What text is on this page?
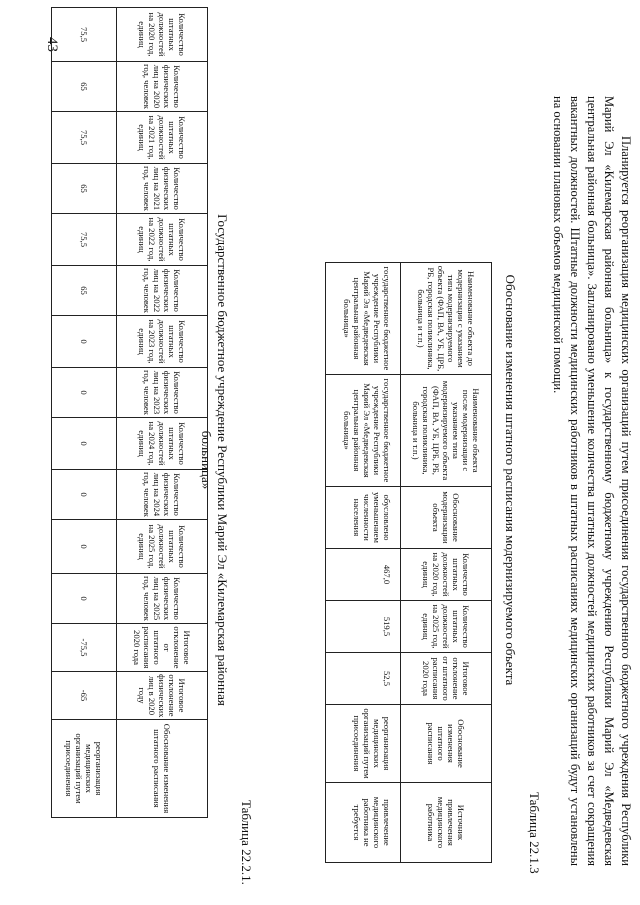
43

Планируется реорганизация медицинских организаций путем присоединения государственного бюджетного учреждения Республики Марий Эл «Килемарская районная больница» к государственному бюджетному учреждению Республики Марий Эл «Медведевская центральная районная больница». Запланировано уменьшение количества штатных должностей медицинских работников за счет сокращения вакантных должностей. Штатные должности медицинских работников в штатных расписаниях медицинских организаций будут установлены на основании плановых объемов медицинской помощи.

Таблица 22.1.3
Обоснование изменения штатного расписания модернизируемого объекта
Наименование объекта до модернизации с указанием типа модернизируемого объекта (ФАП, ВА, УБ, ЦРБ, РБ, городская поликлиника, больница и т.п.)	Наименование объекта после модернизации с указанием типа модернизируемого объекта (ФАП, ВА, УБ, ЦРБ, РБ, городская поликлиника, больница и т.п.)	Обоснование модернизации объекта	Количество штатных должностей на 2020 год, единиц	Количество штатных должностей на 2025 год, единиц	Итоговое отклонение от штатного расписания 2020 года	Обоснование изменения штатного расписания	Источник привлечения медицинского работника
государственное бюджетное учреждение Республики Марий Эл «Медведевская центральная районная больница»	государственное бюджетное учреждение Республики Марий Эл «Медведевская центральная районная больница»	обусловлено уменьшением численности населения	467,0	519,5	52,5	реорганизация медицинских организаций путем присоединения	привлечение медицинского работника не требуется
Таблица 22.2.1.
Государственное бюджетное учреждение Республики Марий Эл «Килемарская районная больница»
Количество штатных должностей на 2020 год, единиц	Количество физических лиц на 2020 год, человек	Количество штатных должностей на 2021 год, единиц	Количество физических лиц на 2021 год, человек	Количество штатных должностей на 2022 год, единиц	Количество физических лиц на 2022 год, человек	Количество штатных должностей на 2023 год, единиц	Количество физических лиц на 2023 год, человек	Количество штатных должностей на 2024 год, единиц	Количество физических лиц на 2024 год, человек	Количество штатных должностей на 2025 год, единиц	Количество физических лиц на 2025 год, человек	Итоговое отклонение от штатного расписания 2020 года	Итоговое отклонение физических лиц в 2020 году	Обоснование изменения штатного расписания
75,5	65	75,5	65	75,5	65	0	0	0	0	0	0	-75,5	-65	реорганизация медицинских организаций путем присоединения
